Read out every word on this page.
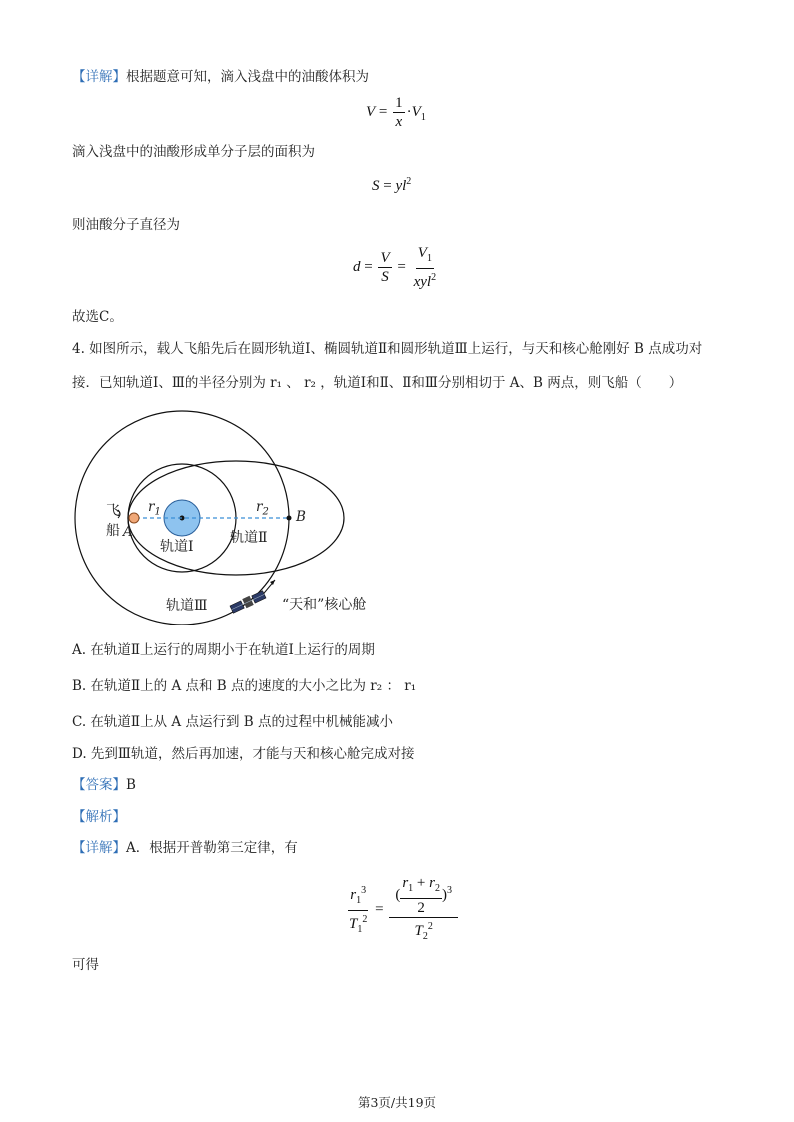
【详解】根据题意可知，滴入浅盘中的油酸体积为
$V = \frac{1}{x} \cdot V_1$
滴入浅盘中的油酸形成单分子层的面积为
$S = yl^2$
则油酸分子直径为
$d = \frac{V}{S} = \frac{V_1}{xyl^2}$
故选C。
4. 如图所示，载人飞船先后在圆形轨道Ⅰ、椭圆轨道Ⅱ和圆形轨道Ⅲ上运行，与天和核心舱刚好 B 点成功对
接．已知轨道Ⅰ、Ⅲ的半径分别为 r₁ 、 r₂ ，轨道Ⅰ和Ⅱ、Ⅱ和Ⅲ分别相切于 A、B 两点，则飞船（　　）
飞
船 A
B
$r_1$	$r_2$
轨道Ⅰ
轨道Ⅱ
轨道Ⅲ	“天和”核心舱
A. 在轨道Ⅱ上运行的周期小于在轨道Ⅰ上运行的周期
B. 在轨道Ⅱ上的 A 点和 B 点的速度的大小之比为 r₂ ： r₁
C. 在轨道Ⅱ上从 A 点运行到 B 点的过程中机械能减小
D. 先到Ⅲ轨道，然后再加速，才能与天和核心舱完成对接
【答案】B
【解析】
【详解】A．根据开普勒第三定律，有
$\frac{r_1^3}{T_1^2} = \frac{( \frac{r_1 + r_2}{2} )^3}{T_2^2}$
可得
第3页/共19页
